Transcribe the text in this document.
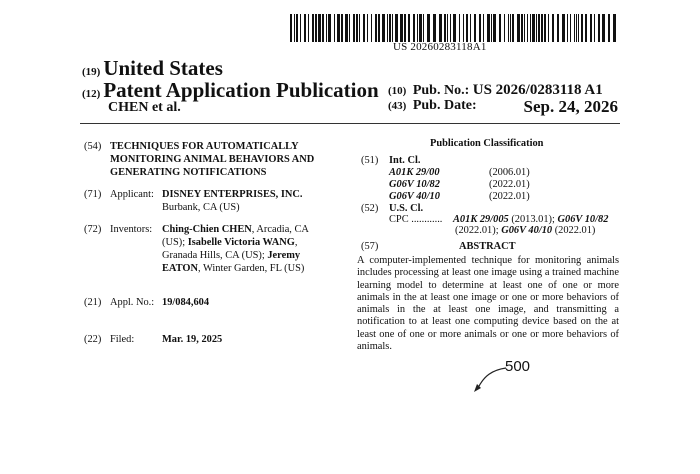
US 20260283118A1
(19) United States
(12) Patent Application Publication
CHEN et al.
(10) Pub. No.: US 2026/0283118 A1
(43) Pub. Date:	Sep. 24, 2026
(54) TECHNIQUES FOR AUTOMATICALLY MONITORING ANIMAL BEHAVIORS AND GENERATING NOTIFICATIONS
(71) Applicant: DISNEY ENTERPRISES, INC.
Burbank, CA (US)
(72) Inventors: Ching-Chien CHEN, Arcadia, CA (US); Isabelle Victoria WANG, Granada Hills, CA (US); Jeremy EATON, Winter Garden, FL (US)
(21) Appl. No.: 19/084,604
(22) Filed:	Mar. 19, 2025
Publication Classification
(51) Int. Cl.
A01K 29/00	(2006.01)
G06V 10/82	(2022.01)
G06V 40/10	(2022.01)
(52) U.S. Cl.
CPC ............ A01K 29/005 (2013.01); G06V 10/82
(2022.01); G06V 40/10 (2022.01)
(57)	ABSTRACT
A computer-implemented technique for monitoring animals includes processing at least one image using a trained machine learning model to determine at least one of one or more animals in the at least one image or one or more behaviors of animals in the at least one image, and transmitting a notification to at least one computing device based on the at least one of one or more animals or one or more behaviors of animals.
500
